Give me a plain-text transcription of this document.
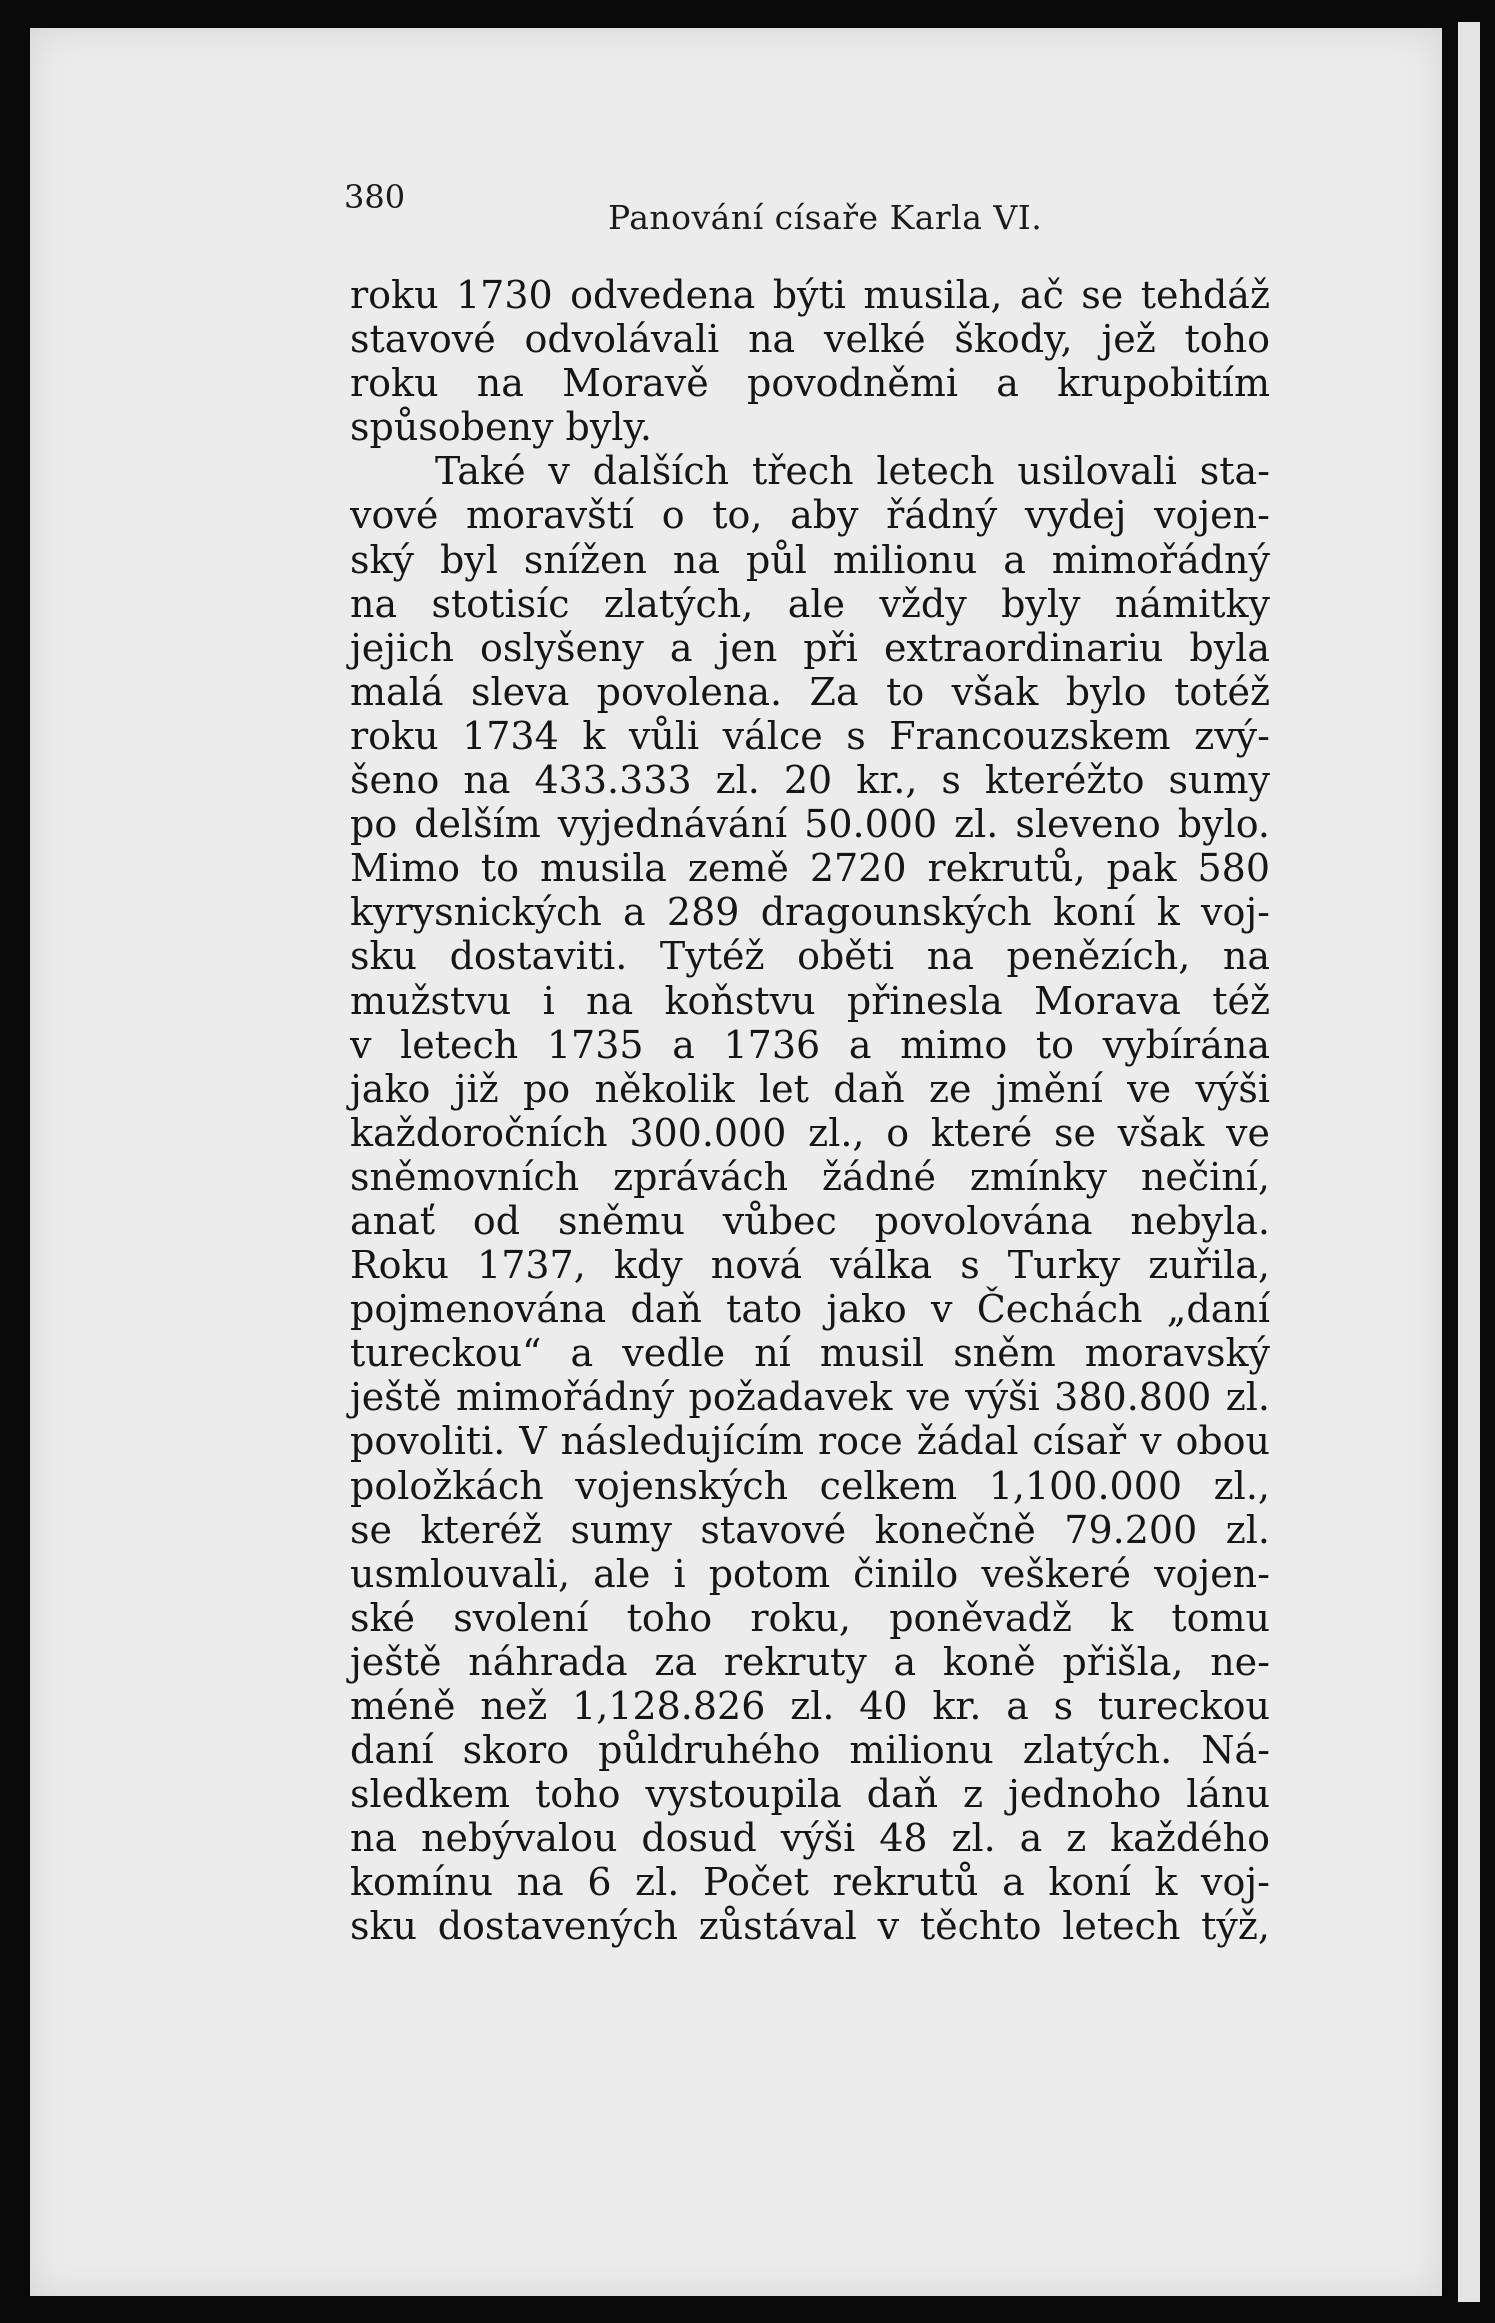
380
Panování císaře Karla VI.
roku 1730 odvedena býti musila, ač se tehdáž
stavové odvolávali na velké škody, jež toho
roku na Moravě povodněmi a krupobitím
spůsobeny byly.
Také v dalších třech letech usilovali sta-
vové moravští o to, aby řádný vydej vojen-
ský byl snížen na půl milionu a mimořádný
na stotisíc zlatých, ale vždy byly námitky
jejich oslyšeny a jen při extraordinariu byla
malá sleva povolena. Za to však bylo totéž
roku 1734 k vůli válce s Francouzskem zvý-
šeno na 433.333 zl. 20 kr., s kteréžto sumy
po delším vyjednávání 50.000 zl. sleveno bylo.
Mimo to musila země 2720 rekrutů, pak 580
kyrysnických a 289 dragounských koní k voj-
sku dostaviti. Tytéž oběti na penězích, na
mužstvu i na koňstvu přinesla Morava též
v letech 1735 a 1736 a mimo to vybírána
jako již po několik let daň ze jmění ve výši
každoročních 300.000 zl., o které se však ve
sněmovních zprávách žádné zmínky nečiní,
anať od sněmu vůbec povolována nebyla.
Roku 1737, kdy nová válka s Turky zuřila,
pojmenována daň tato jako v Čechách „daní
tureckou“ a vedle ní musil sněm moravský
ještě mimořádný požadavek ve výši 380.800 zl.
povoliti. V následujícím roce žádal císař v obou
položkách vojenských celkem 1,100.000 zl.,
se kteréž sumy stavové konečně 79.200 zl.
usmlouvali, ale i potom činilo veškeré vojen-
ské svolení toho roku, poněvadž k tomu
ještě náhrada za rekruty a koně přišla, ne-
méně než 1,128.826 zl. 40 kr. a s tureckou
daní skoro půldruhého milionu zlatých. Ná-
sledkem toho vystoupila daň z jednoho lánu
na nebývalou dosud výši 48 zl. a z každého
komínu na 6 zl. Počet rekrutů a koní k voj-
sku dostavených zůstával v těchto letech týž,
